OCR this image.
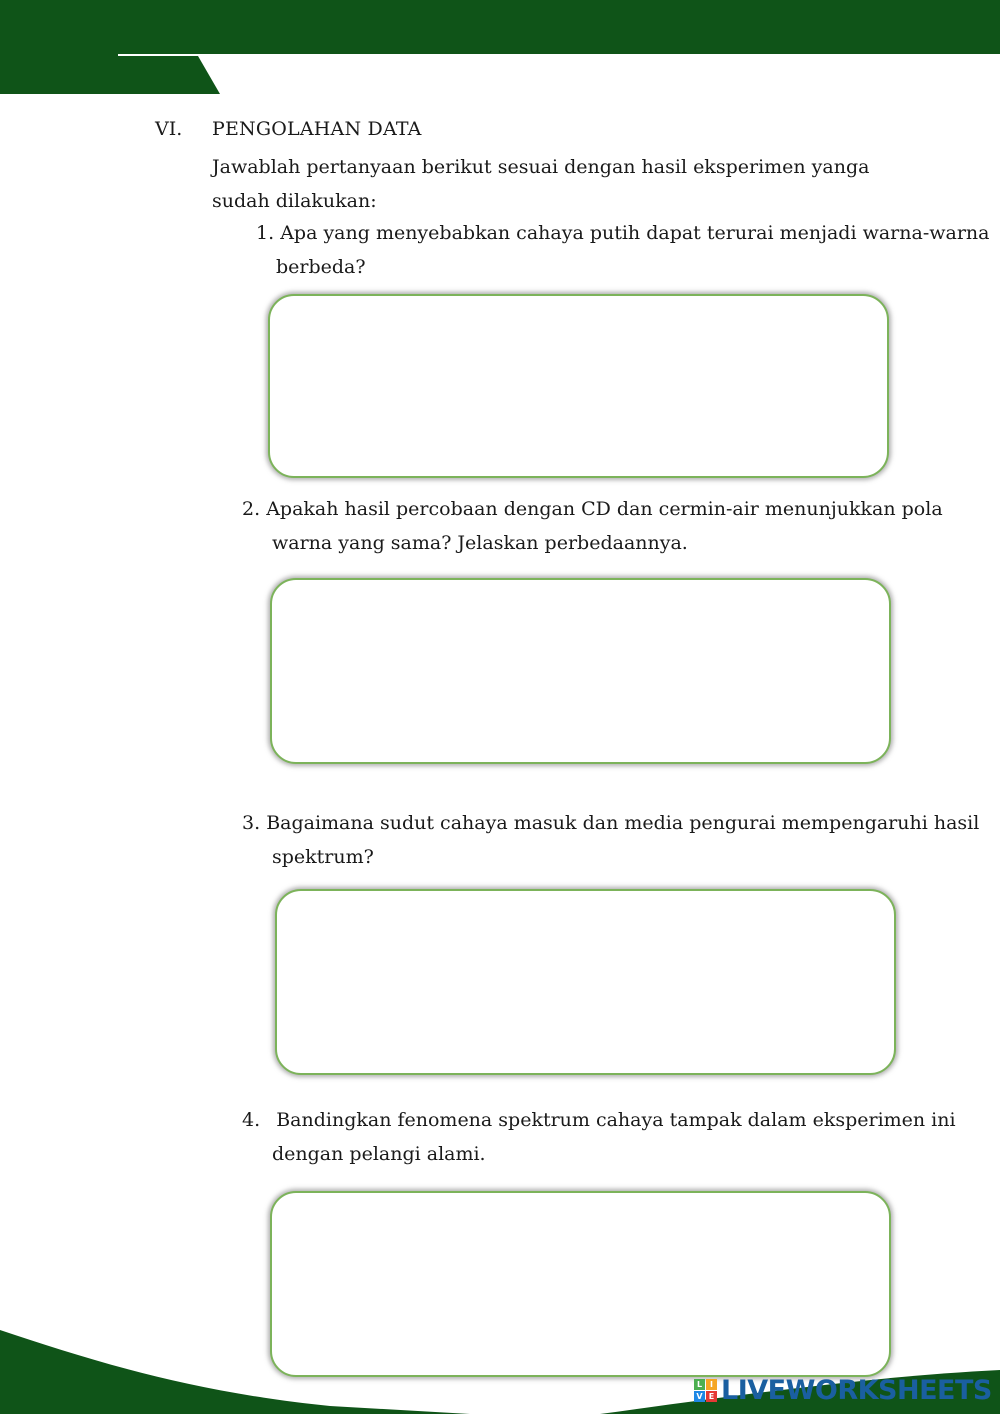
VI. PENGOLAHAN DATA
Jawablah pertanyaan berikut sesuai dengan hasil eksperimen yanga sudah dilakukan:
1. Apa yang menyebabkan cahaya putih dapat terurai menjadi warna-warna
berbeda?
2. Apakah hasil percobaan dengan CD dan cermin-air menunjukkan pola
warna yang sama? Jelaskan perbedaannya.
3. Bagaimana sudut cahaya masuk dan media pengurai mempengaruhi hasil
spektrum?
4. Bandingkan fenomena spektrum cahaya tampak dalam eksperimen ini
dengan pelangi alami.
L I
V E LIVEWORKSHEETS
